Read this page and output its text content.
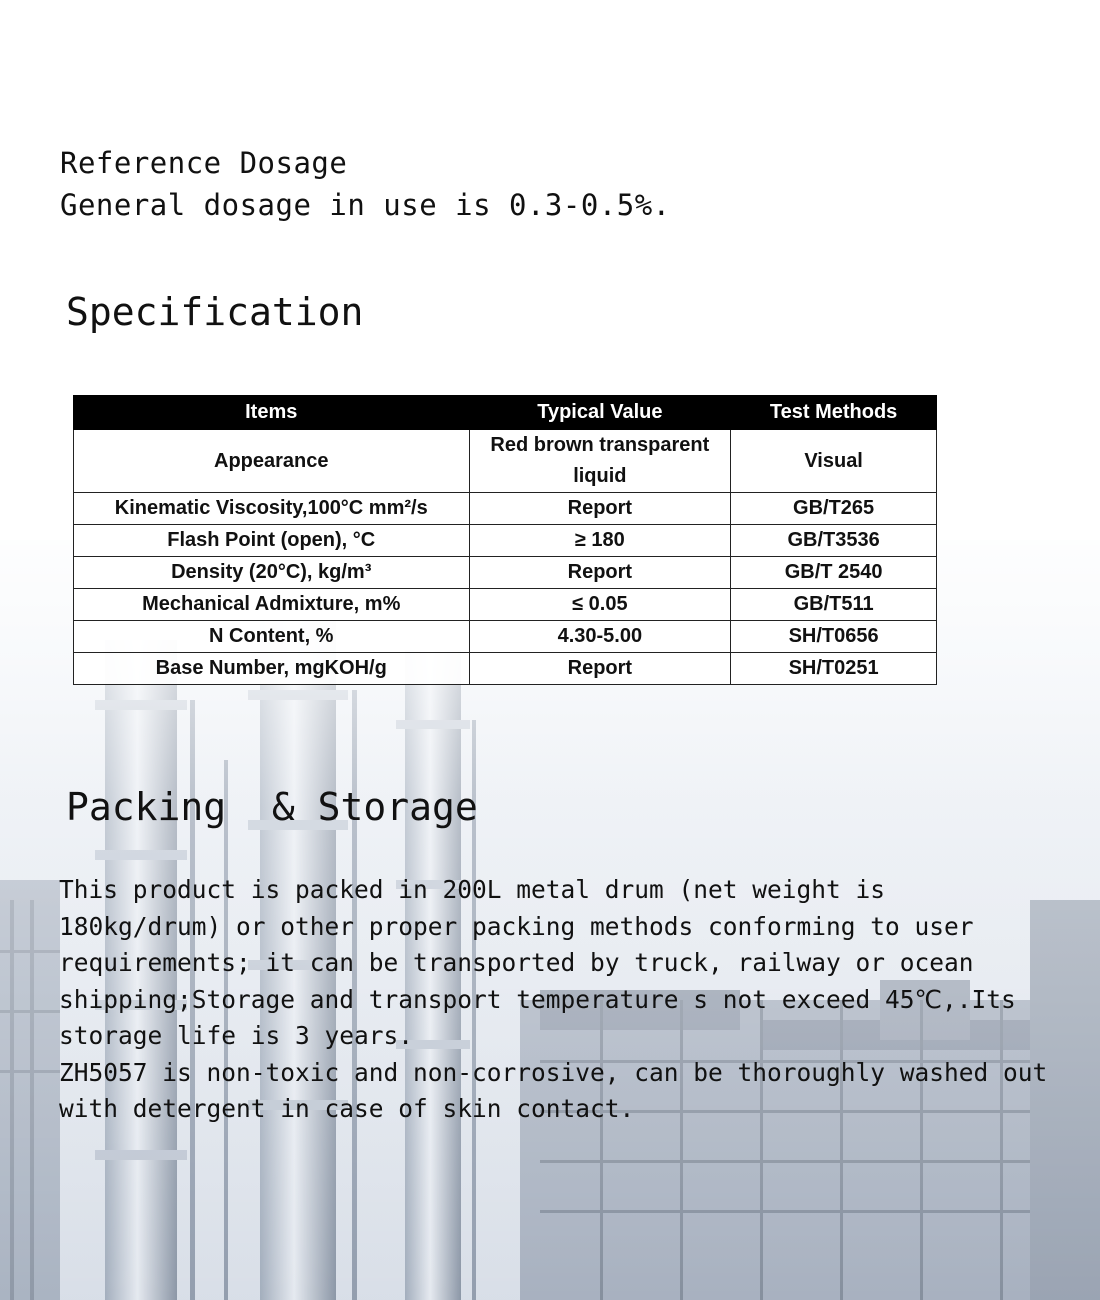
Reference Dosage
General dosage in use is 0.3-0.5%.
Specification
Items	Typical Value	Test Methods
Appearance	Red brown transparent liquid	Visual
Kinematic Viscosity,100°C mm²/s	Report	GB/T265
Flash Point (open), °C	≥ 180	GB/T3536
Density (20°C), kg/m³	Report	GB/T 2540
Mechanical Admixture, m%	≤ 0.05	GB/T511
N Content, %	4.30-5.00	SH/T0656
Base Number, mgKOH/g	Report	SH/T0251
Packing  & Storage

This product is packed in 200L metal drum (net weight is 180kg/drum) or other proper packing methods conforming to user requirements; it can be transported by truck, railway or ocean shipping;Storage and transport temperature s not exceed 45℃,.Its storage life is 3 years.

ZH5057 is non-toxic and non-corrosive, can be thoroughly washed out with detergent in case of skin contact.
